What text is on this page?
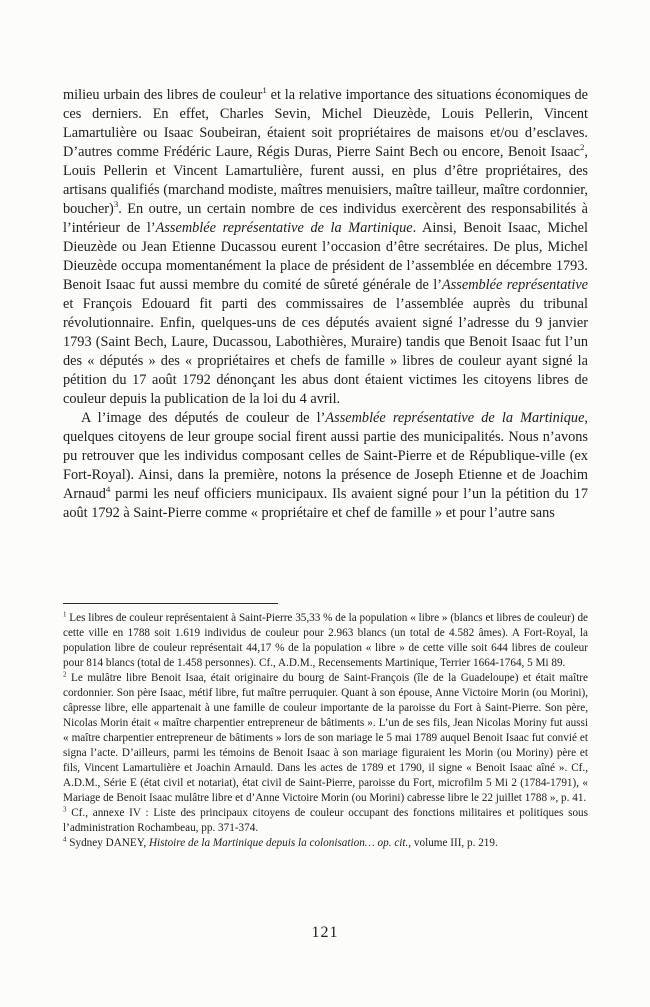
milieu urbain des libres de couleur$^1$ et la relative importance des situations économiques de ces derniers. En effet, Charles Sevin, Michel Dieuzède, Louis Pellerin, Vincent Lamartulière ou Isaac Soubeiran, étaient soit propriétaires de maisons et/ou d’esclaves. D’autres comme Frédéric Laure, Régis Duras, Pierre Saint Bech ou encore, Benoit Isaac$^2$, Louis Pellerin et Vincent Lamartulière, furent aussi, en plus d’être propriétaires, des artisans qualifiés (marchand modiste, maîtres menuisiers, maître tailleur, maître cordonnier, boucher)$^3$. En outre, un certain nombre de ces individus exercèrent des responsabilités à l’intérieur de l’Assemblée représentative de la Martinique. Ainsi, Benoit Isaac, Michel Dieuzède ou Jean Etienne Ducassou eurent l’occasion d’être secrétaires. De plus, Michel Dieuzède occupa momentanément la place de président de l’assemblée en décembre 1793. Benoit Isaac fut aussi membre du comité de sûreté générale de l’Assemblée représentative et François Edouard fit parti des commissaires de l’assemblée auprès du tribunal révolutionnaire. Enfin, quelques-uns de ces députés avaient signé l’adresse du 9 janvier 1793 (Saint Bech, Laure, Ducassou, Labothières, Muraire) tandis que Benoit Isaac fut l’un des « députés » des « propriétaires et chefs de famille » libres de couleur ayant signé la pétition du 17 août 1792 dénonçant les abus dont étaient victimes les citoyens libres de couleur depuis la publication de la loi du 4 avril.

A l’image des députés de couleur de l’Assemblée représentative de la Martinique, quelques citoyens de leur groupe social firent aussi partie des municipalités. Nous n’avons pu retrouver que les individus composant celles de Saint-Pierre et de République-ville (ex Fort-Royal). Ainsi, dans la première, notons la présence de Joseph Etienne et de Joachim Arnaud$^4$ parmi les neuf officiers municipaux. Ils avaient signé pour l’un la pétition du 17 août 1792 à Saint-Pierre comme « propriétaire et chef de famille » et pour l’autre sans

$^1$ Les libres de couleur représentaient à Saint-Pierre 35,33 % de la population « libre » (blancs et libres de couleur) de cette ville en 1788 soit 1.619 individus de couleur pour 2.963 blancs (un total de 4.582 âmes). A Fort-Royal, la population libre de couleur représentait 44,17 % de la population « libre » de cette ville soit 644 libres de couleur pour 814 blancs (total de 1.458 personnes). Cf., A.D.M., Recensements Martinique, Terrier 1664-1764, 5 Mi 89.

$^2$ Le mulâtre libre Benoit Isaa, était originaire du bourg de Saint-François (île de la Guadeloupe) et était maître cordonnier. Son père Isaac, métif libre, fut maître perruquier. Quant à son épouse, Anne Victoire Morin (ou Morini), câpresse libre, elle appartenait à une famille de couleur importante de la paroisse du Fort à Saint-Pierre. Son père, Nicolas Morin était « maître charpentier entrepreneur de bâtiments ». L’un de ses fils, Jean Nicolas Moriny fut aussi « maître charpentier entrepreneur de bâtiments » lors de son mariage le 5 mai 1789 auquel Benoit Isaac fut convié et signa l’acte. D’ailleurs, parmi les témoins de Benoit Isaac à son mariage figuraient les Morin (ou Moriny) père et fils, Vincent Lamartulière et Joachin Arnauld. Dans les actes de 1789 et 1790, il signe « Benoit Isaac aîné ». Cf., A.D.M., Série E (état civil et notariat), état civil de Saint-Pierre, paroisse du Fort, microfilm 5 Mi 2 (1784-1791), « Mariage de Benoit Isaac mulâtre libre et d’Anne Victoire Morin (ou Morini) cabresse libre le 22 juillet 1788 », p. 41.

$^3$ Cf., annexe IV : Liste des principaux citoyens de couleur occupant des fonctions militaires et politiques sous l’administration Rochambeau, pp. 371-374.

$^4$ Sydney DANEY, Histoire de la Martinique depuis la colonisation… op. cit., volume III, p. 219.

121
